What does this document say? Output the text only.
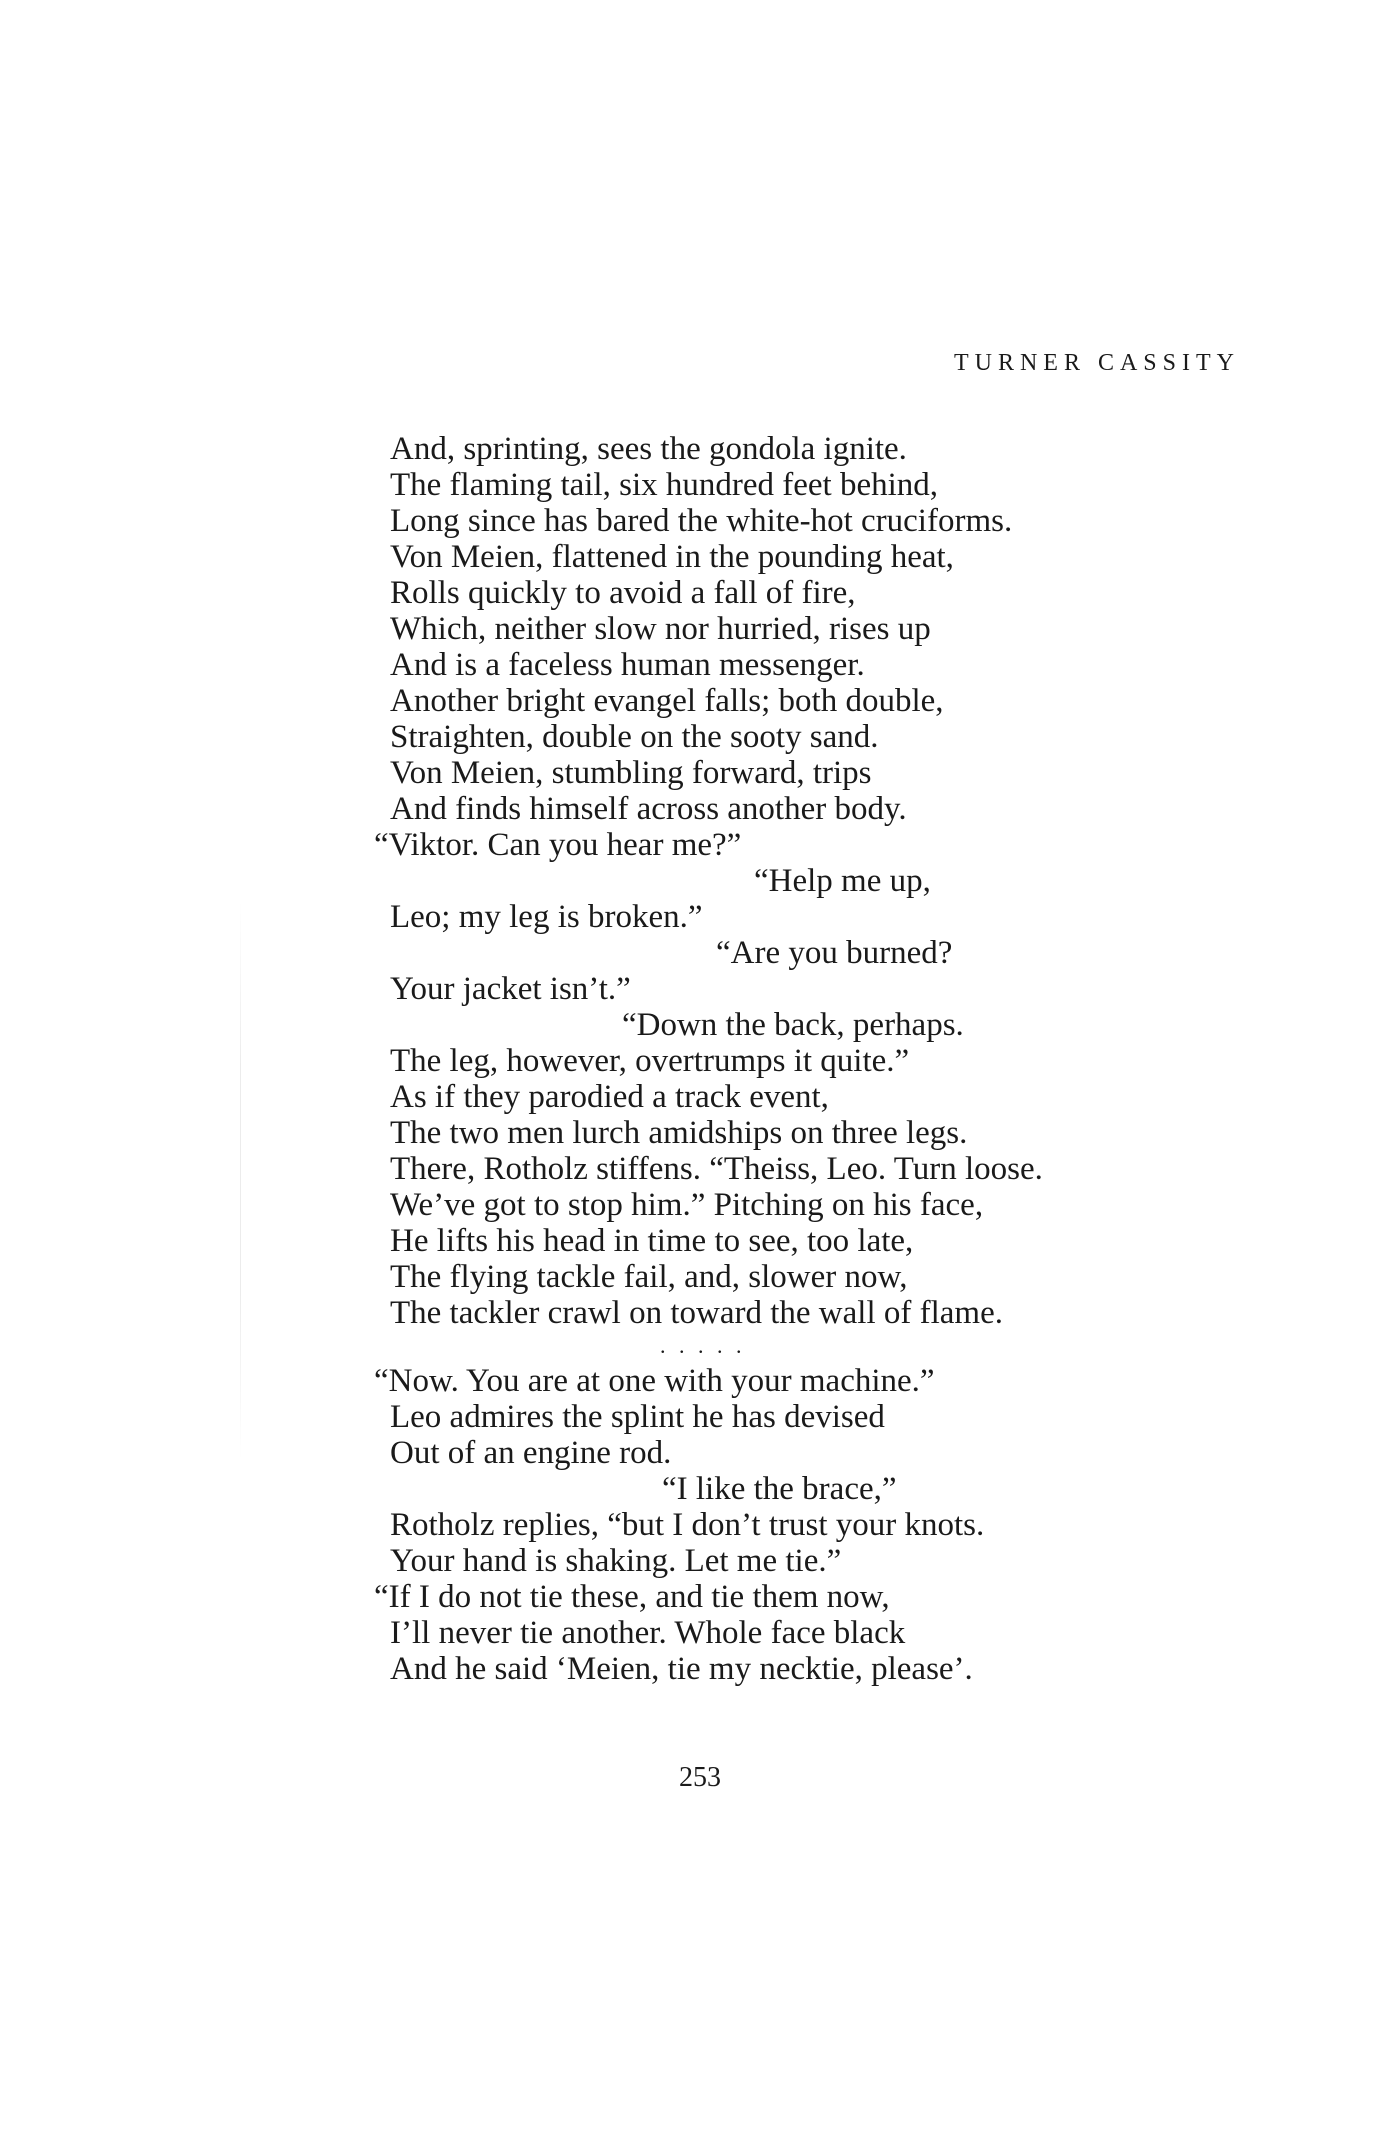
TURNER CASSITY
And, sprinting, sees the gondola ignite.
The flaming tail, six hundred feet behind,
Long since has bared the white-hot cruciforms.
Von Meien, flattened in the pounding heat,
Rolls quickly to avoid a fall of fire,
Which, neither slow nor hurried, rises up
And is a faceless human messenger.
Another bright evangel falls; both double,
Straighten, double on the sooty sand.
Von Meien, stumbling forward, trips
And finds himself across another body.
“Viktor. Can you hear me?”
“Help me up,
Leo; my leg is broken.”
“Are you burned?
Your jacket isn’t.”
“Down the back, perhaps.
The leg, however, overtrumps it quite.”
As if they parodied a track event,
The two men lurch amidships on three legs.
There, Rotholz stiffens. “Theiss, Leo. Turn loose.
We’ve got to stop him.” Pitching on his face,
He lifts his head in time to see, too late,
The flying tackle fail, and, slower now,
The tackler crawl on toward the wall of flame.
. . . . .
“Now. You are at one with your machine.”
Leo admires the splint he has devised
Out of an engine rod.
“I like the brace,”
Rotholz replies, “but I don’t trust your knots.
Your hand is shaking. Let me tie.”
“If I do not tie these, and tie them now,
I’ll never tie another. Whole face black
And he said ‘Meien, tie my necktie, please’.
253
